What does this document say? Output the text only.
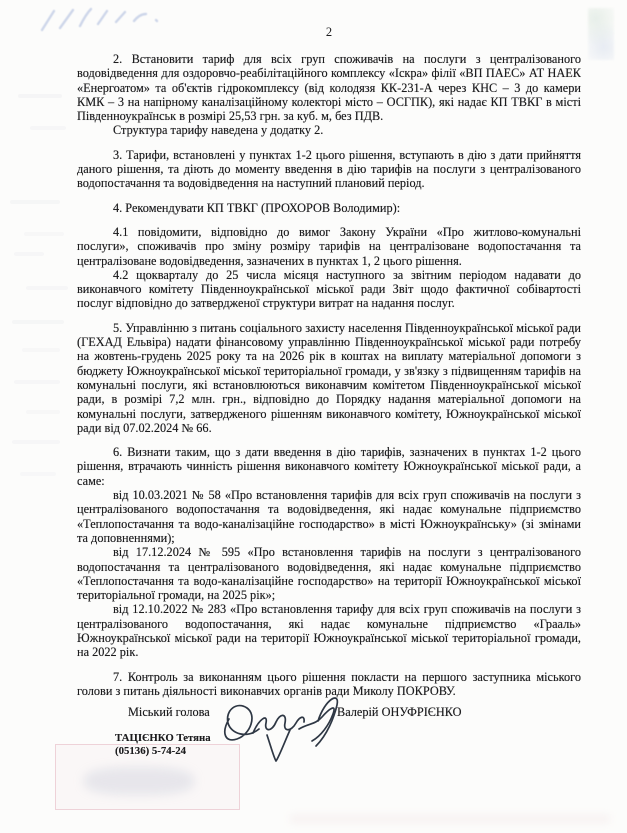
2

2. Встановити тариф для всіх груп споживачів на послуги з централізованого водовідведення для оздоровчо-реабілітаційного комплексу «Іскра» філії «ВП ПАЕС» АТ НАЕК «Енергоатом» та об'єктів гідрокомплексу (від колодязя КК-231-А через КНС – 3 до камери КМК – 3 на напірному каналізаційному колекторі місто – ОСГПК), які надає КП ТВКГ в місті Південноукраїнськ в розмірі 25,53 грн. за куб. м, без ПДВ.

Структура тарифу наведена у додатку 2.

3. Тарифи, встановлені у пунктах 1-2 цього рішення, вступають в дію з дати прийняття даного рішення, та діють до моменту введення в дію тарифів на послуги з централізованого водопостачання та водовідведення на наступний плановий період.

4. Рекомендувати КП ТВКГ (ПРОХОРОВ Володимир):

4.1 повідомити, відповідно до вимог Закону України «Про житлово-комунальні послуги», споживачів про зміну розміру тарифів на централізоване водопостачання та централізоване водовідведення, зазначених в пунктах 1, 2 цього рішення.

4.2 щокварталу до 25 числа місяця наступного за звітним періодом надавати до виконавчого комітету Південноукраїнської міської ради Звіт щодо фактичної собівартості послуг відповідно до затвердженої структури витрат на надання послуг.

5. Управлінню з питань соціального захисту населення Південноукраїнської міської ради (ГЕХАД Ельвіра) надати фінансовому управлінню Південноукраїнської міської ради потребу на жовтень-грудень 2025 року та на 2026 рік в коштах на виплату матеріальної допомоги з бюджету Южноукраїнської міської територіальної громади, у зв'язку з підвищенням тарифів на комунальні послуги, які встановлюються виконавчим комітетом Південноукраїнської міської ради, в розмірі 7,2 млн. грн., відповідно до Порядку надання матеріальної допомоги на комунальні послуги, затвердженого рішенням виконавчого комітету, Южноукраїнської міської ради від 07.02.2024 № 66.

6. Визнати таким, що з дати введення в дію тарифів, зазначених в пунктах 1-2 цього рішення, втрачають чинність рішення виконавчого комітету Южноукраїнської міської ради, а саме:

від 10.03.2021 № 58 «Про встановлення тарифів для всіх груп споживачів на послуги з централізованого водопостачання та водовідведення, які надає комунальне підприємство «Теплопостачання та водо-каналізаційне господарство» в місті Южноукраїнську» (зі змінами та доповненнями);

від 17.12.2024 № 595 «Про встановлення тарифів на послуги з централізованого водопостачання та централізованого водовідведення, які надає комунальне підприємство «Теплопостачання та водо-каналізаційне господарство» на території Южноукраїнської міської територіальної громади, на 2025 рік»;

від 12.10.2022 № 283 «Про встановлення тарифу для всіх груп споживачів на послуги з централізованого водопостачання, які надає комунальне підприємство «Грааль» Южноукраїнської міської ради на території Южноукраїнської міської територіальної громади, на 2022 рік.

7. Контроль за виконанням цього рішення покласти на першого заступника міського голови з питань діяльності виконавчих органів ради Миколу ПОКРОВУ.

Міський голова	Валерій ОНУФРІЄНКО
ТАЦІЄНКО Тетяна
(05136) 5-74-24
